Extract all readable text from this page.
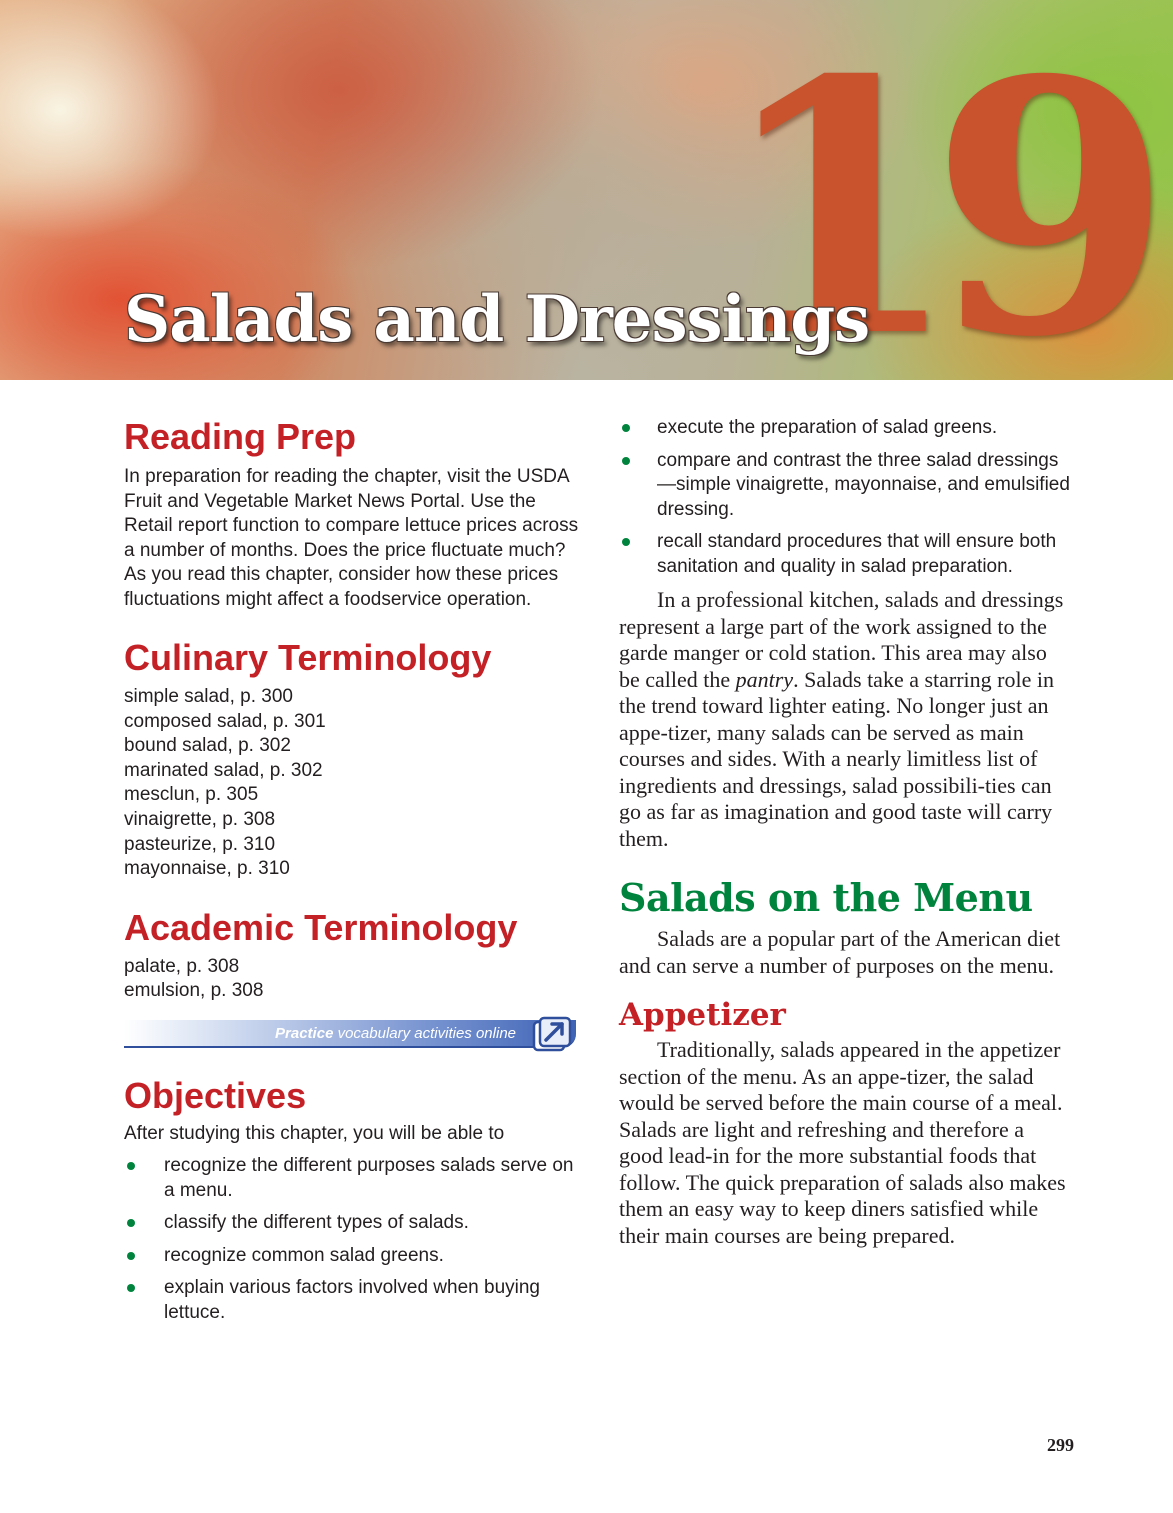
19
Salads and Dressings
Reading Prep

In preparation for reading the chapter, visit the USDA Fruit and Vegetable Market News Portal. Use the Retail report function to compare lettuce prices across a number of months. Does the price fluctuate much? As you read this chapter, consider how these prices fluctuations might affect a foodservice operation.

Culinary Terminology
simple salad, p. 300
composed salad, p. 301
bound salad, p. 302
marinated salad, p. 302
mesclun, p. 305
vinaigrette, p. 308
pasteurize, p. 310
mayonnaise, p. 310
Academic Terminology
palate, p. 308
emulsion, p. 308
Practice vocabulary activities online
Objectives

After studying this chapter, you will be able to

recognize the different purposes salads serve on a menu.
classify the different types of salads.
recognize common salad greens.
explain various factors involved when buying lettuce.
execute the preparation of salad greens.
compare and contrast the three salad dressings—simple vinaigrette, mayonnaise, and emulsified dressing.
recall standard procedures that will ensure both sanitation and quality in salad preparation.

In a professional kitchen, salads and dressings represent a large part of the work assigned to the garde manger or cold station. This area may also be called the pantry. Salads take a starring role in the trend toward lighter eating. No longer just an appe-tizer, many salads can be served as main courses and sides. With a nearly limitless list of ingredients and dressings, salad possibili-ties can go as far as imagination and good taste will carry them.

Salads on the Menu

Salads are a popular part of the American diet and can serve a number of purposes on the menu.

Appetizer

Traditionally, salads appeared in the appetizer section of the menu. As an appe-tizer, the salad would be served before the main course of a meal. Salads are light and refreshing and therefore a good lead-in for the more substantial foods that follow. The quick preparation of salads also makes them an easy way to keep diners satisfied while their main courses are being prepared.

299
